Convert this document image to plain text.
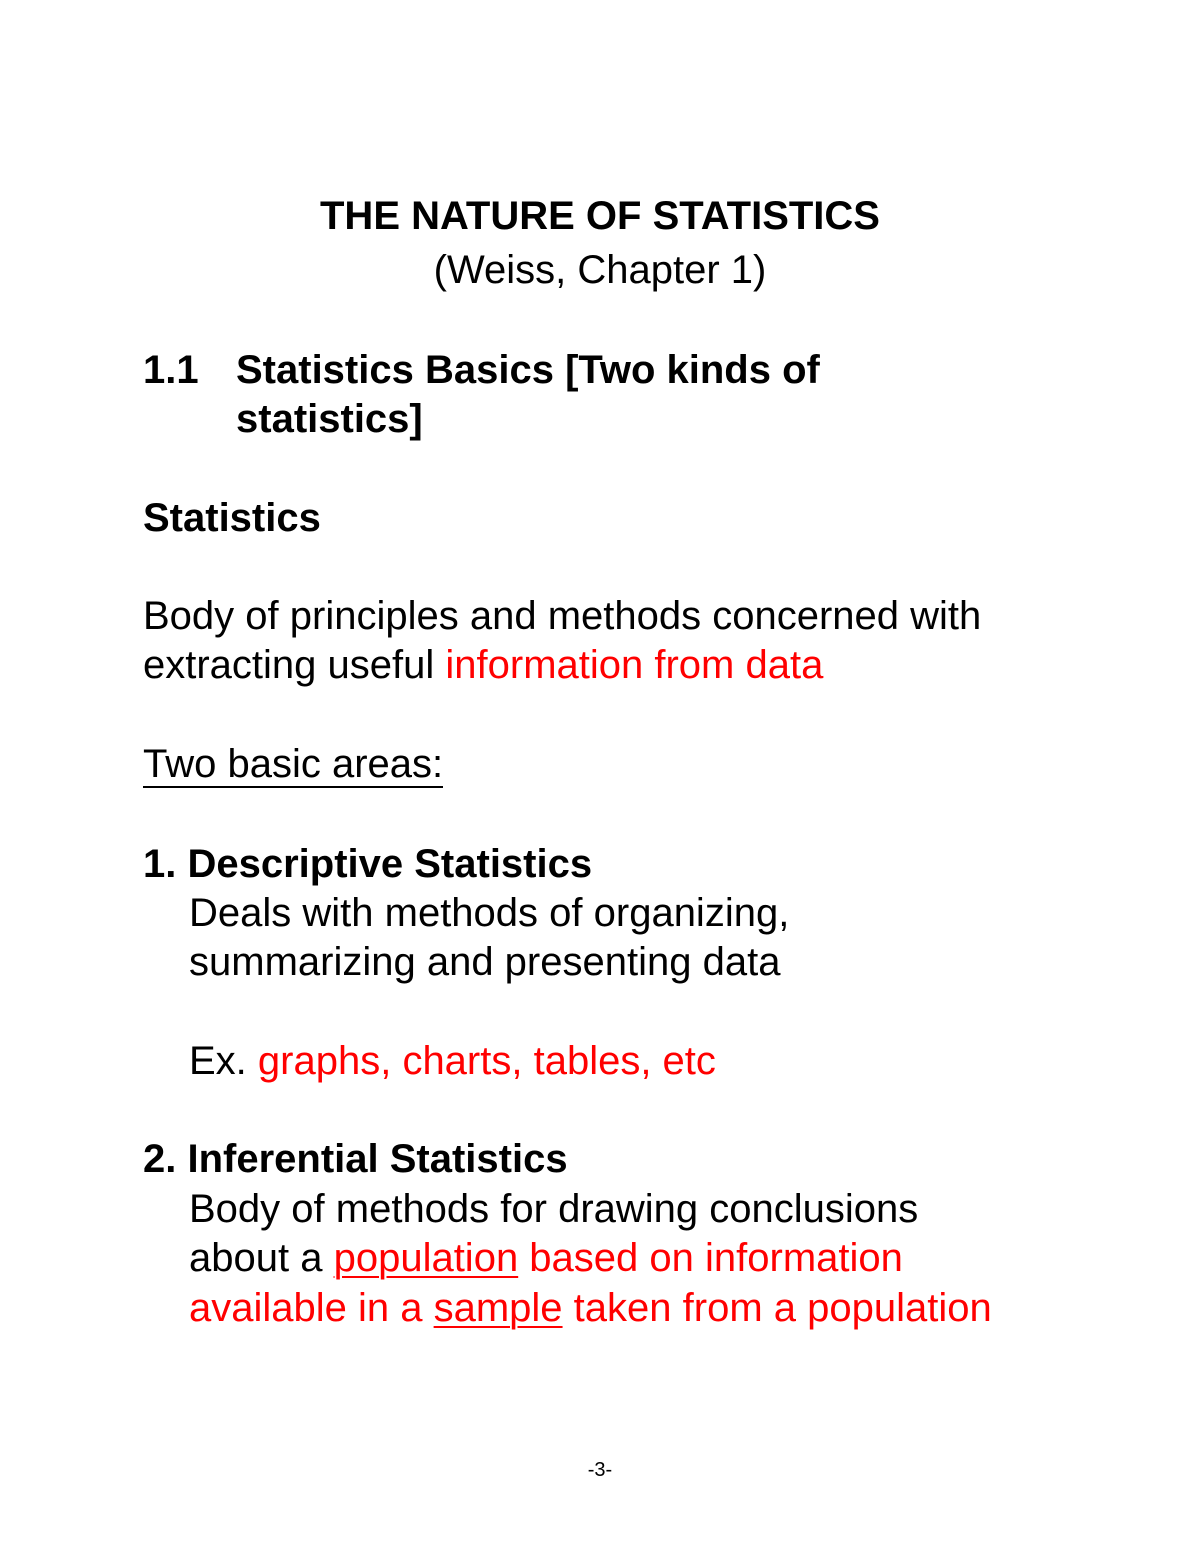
THE NATURE OF STATISTICS

(Weiss, Chapter 1)

1.1 Statistics Basics [Two kinds of

statistics]

Statistics

Body of principles and methods concerned with

extracting useful information from data

Two basic areas:

1. Descriptive Statistics

Deals with methods of organizing,

summarizing and presenting data

Ex. graphs, charts, tables, etc

2. Inferential Statistics

Body of methods for drawing conclusions

about a population based on information

available in a sample taken from a population

-3-
